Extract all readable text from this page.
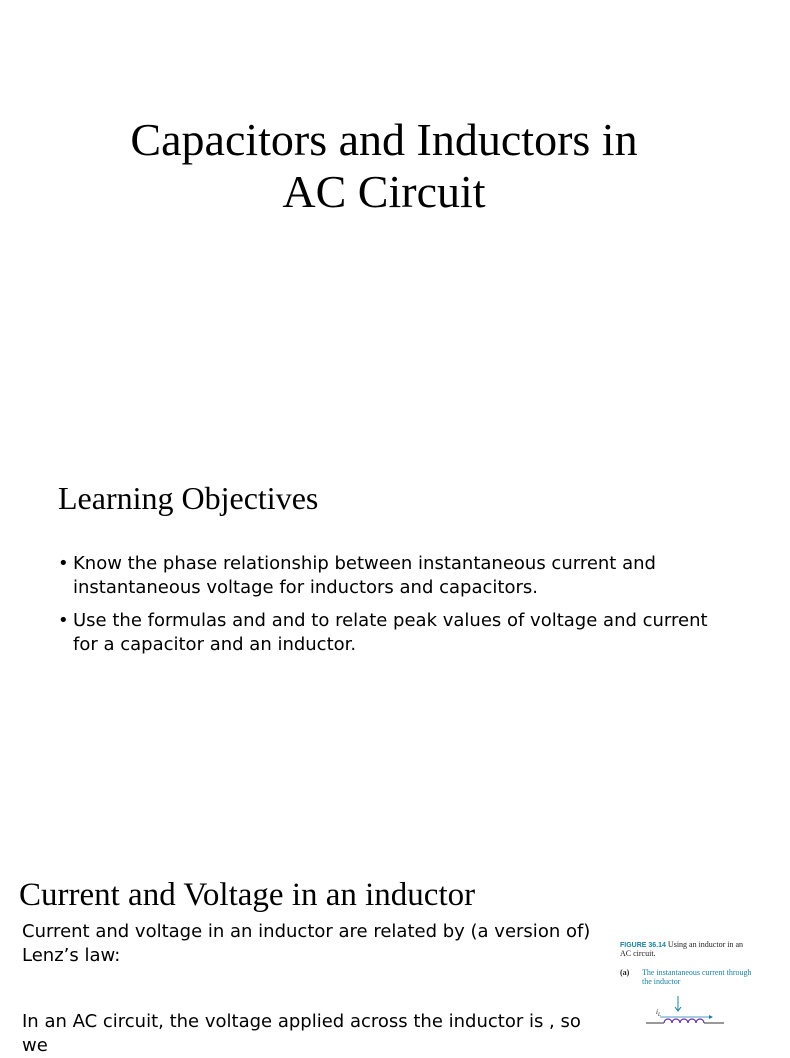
Capacitors and Inductors in
AC Circuit
Learning Objectives
• Know the phase relationship between instantaneous current and instantaneous voltage for inductors and capacitors.
• Use the formulas and and to relate peak values of voltage and current for a capacitor and an inductor.
Current and Voltage in an inductor

Current and voltage in an inductor are related by (a version of) Lenz’s law:

In an AC circuit, the voltage applied across the inductor is , so we

FIGURE 36.14 Using an inductor in an
AC circuit.
(a) The instantaneous current through the inductor
$i_L$
